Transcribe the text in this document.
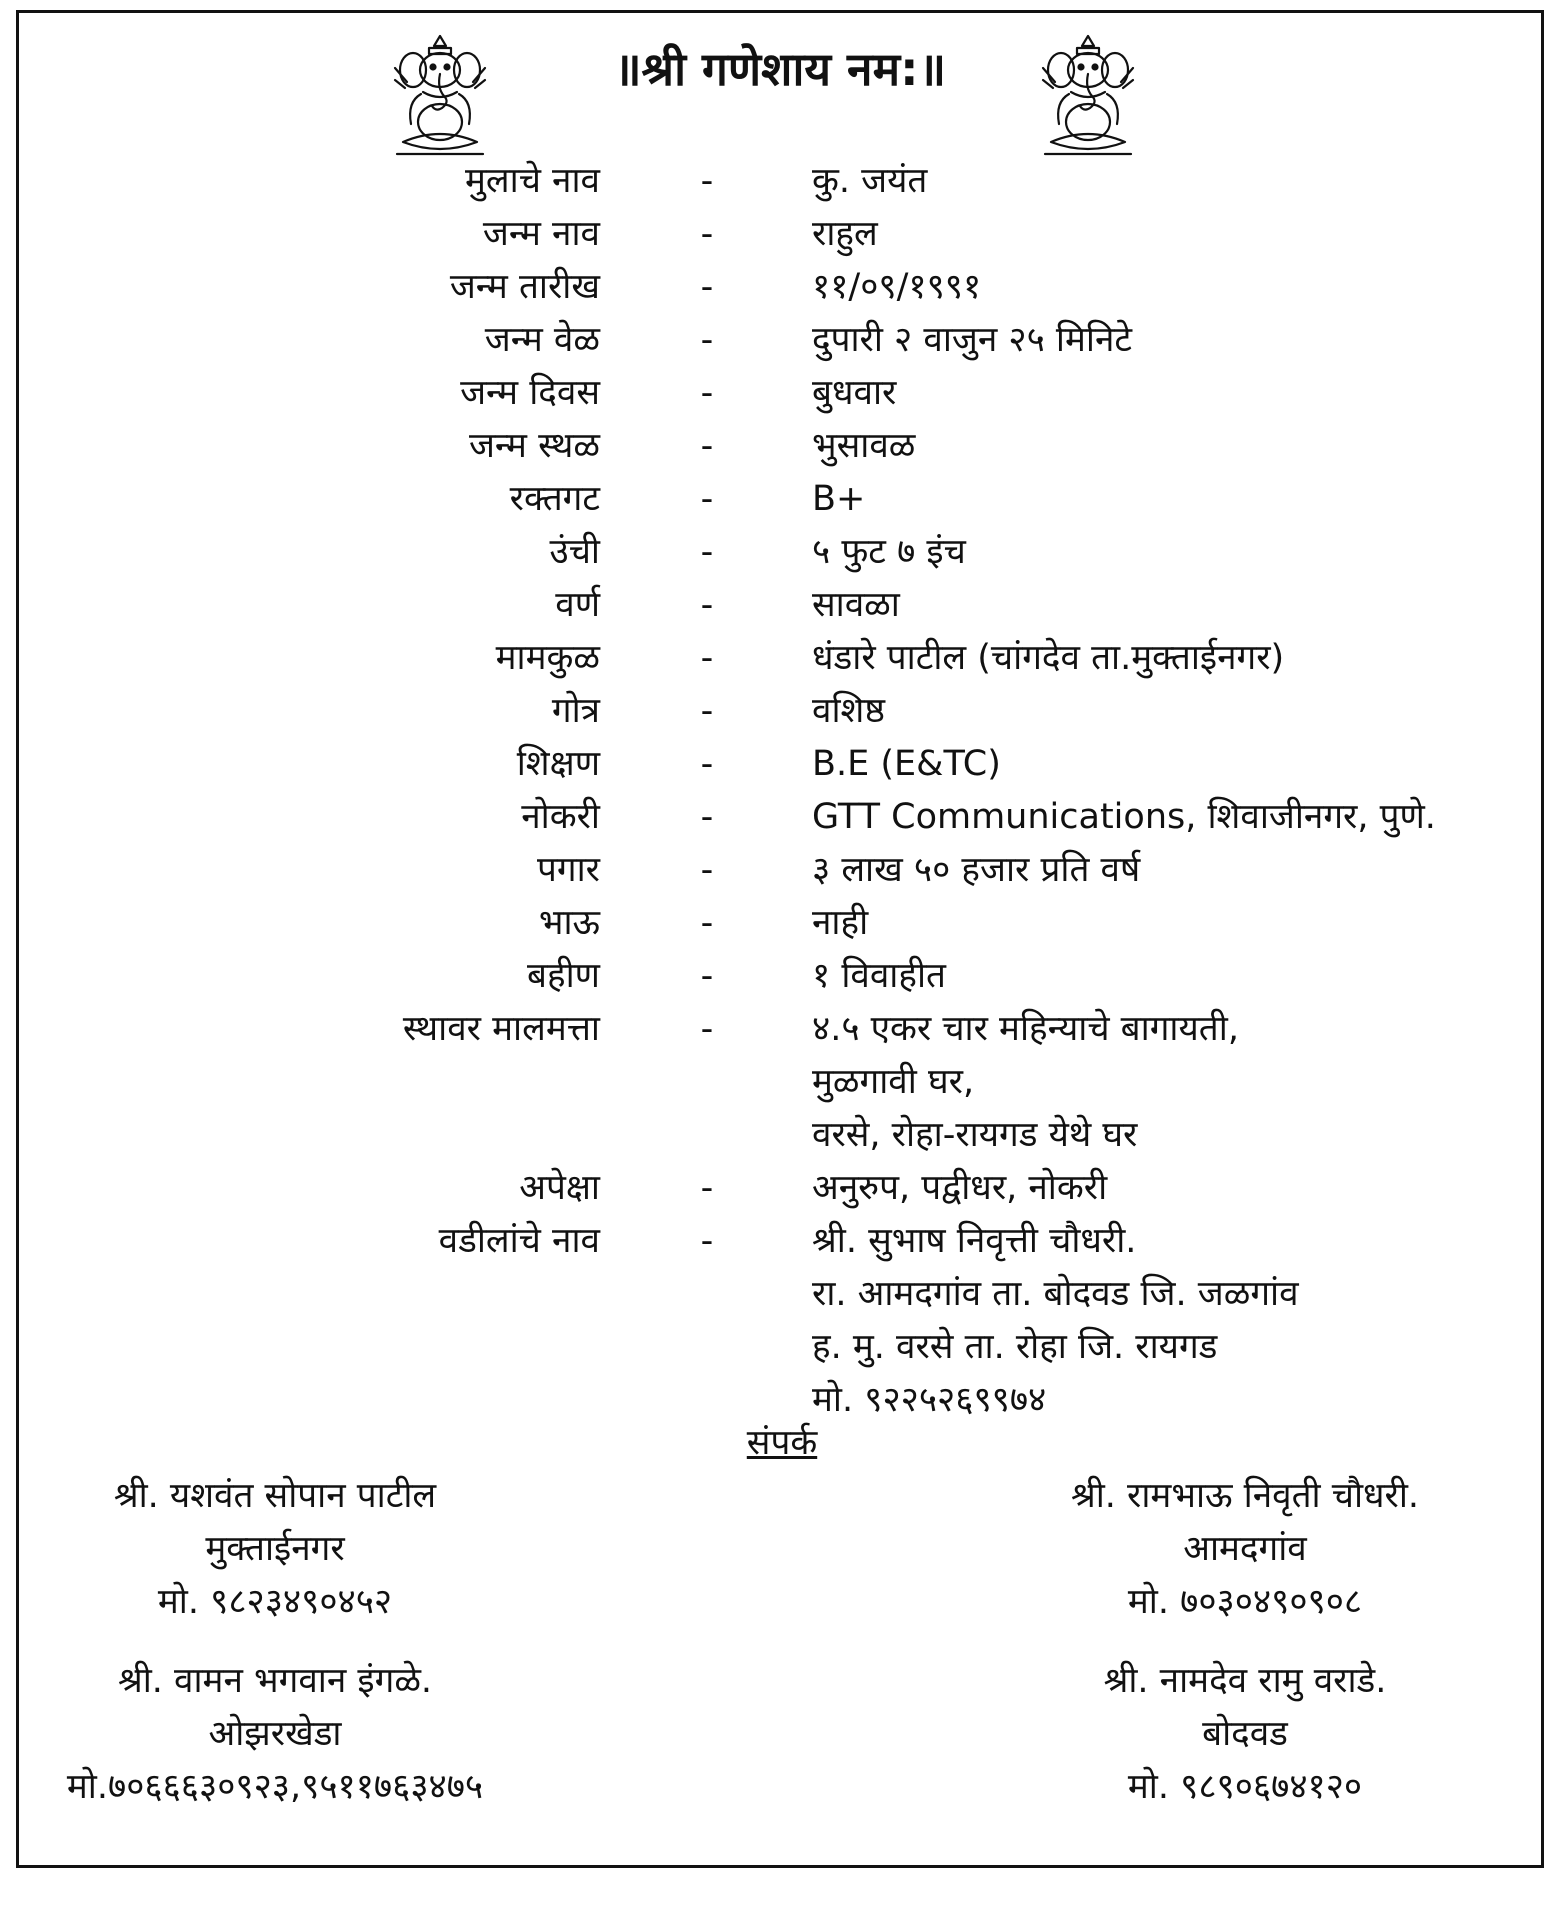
॥श्री गणेशाय नम:॥
मुलाचे नाव	-	कु. जयंत
जन्म नाव	-	राहुल
जन्म तारीख	-	११/०९/१९९१
जन्म वेळ	-	दुपारी २ वाजुन २५ मिनिटे
जन्म दिवस	-	बुधवार
जन्म स्थळ	-	भुसावळ
रक्तगट	-	B+
उंची	-	५ फुट ७ इंच
वर्ण	-	सावळा
मामकुळ	-	धंडारे पाटील (चांगदेव ता.मुक्ताईनगर)
गोत्र	-	वशिष्ठ
शिक्षण	-	B.E (E&TC)
नोकरी	-	GTT Communications, शिवाजीनगर, पुणे.
पगार	-	३ लाख ५० हजार प्रति वर्ष
भाऊ	-	नाही
बहीण	-	१ विवाहीत
स्थावर मालमत्ता	-	४.५ एकर चार महिन्याचे बागायती,
मुळगावी घर,
वरसे, रोहा-रायगड येथे घर
अपेक्षा	-	अनुरुप, पद्वीधर, नोकरी
वडीलांचे नाव	-	श्री. सुभाष निवृत्ती चौधरी.
रा. आमदगांव ता. बोदवड जि. जळगांव
ह. मु. वरसे ता. रोहा जि. रायगड
मो. ९२२५२६९९७४
संपर्क
श्री. यशवंत सोपान पाटील
मुक्ताईनगर
मो. ९८२३४९०४५२
श्री. रामभाऊ निवृती चौधरी.
आमदगांव
मो. ७०३०४९०९०८
श्री. वामन भगवान इंगळे.
ओझरखेडा
मो.७०६६६३०९२३,९५११७६३४७५
श्री. नामदेव रामु वराडे.
बोदवड
मो. ९८९०६७४१२०
